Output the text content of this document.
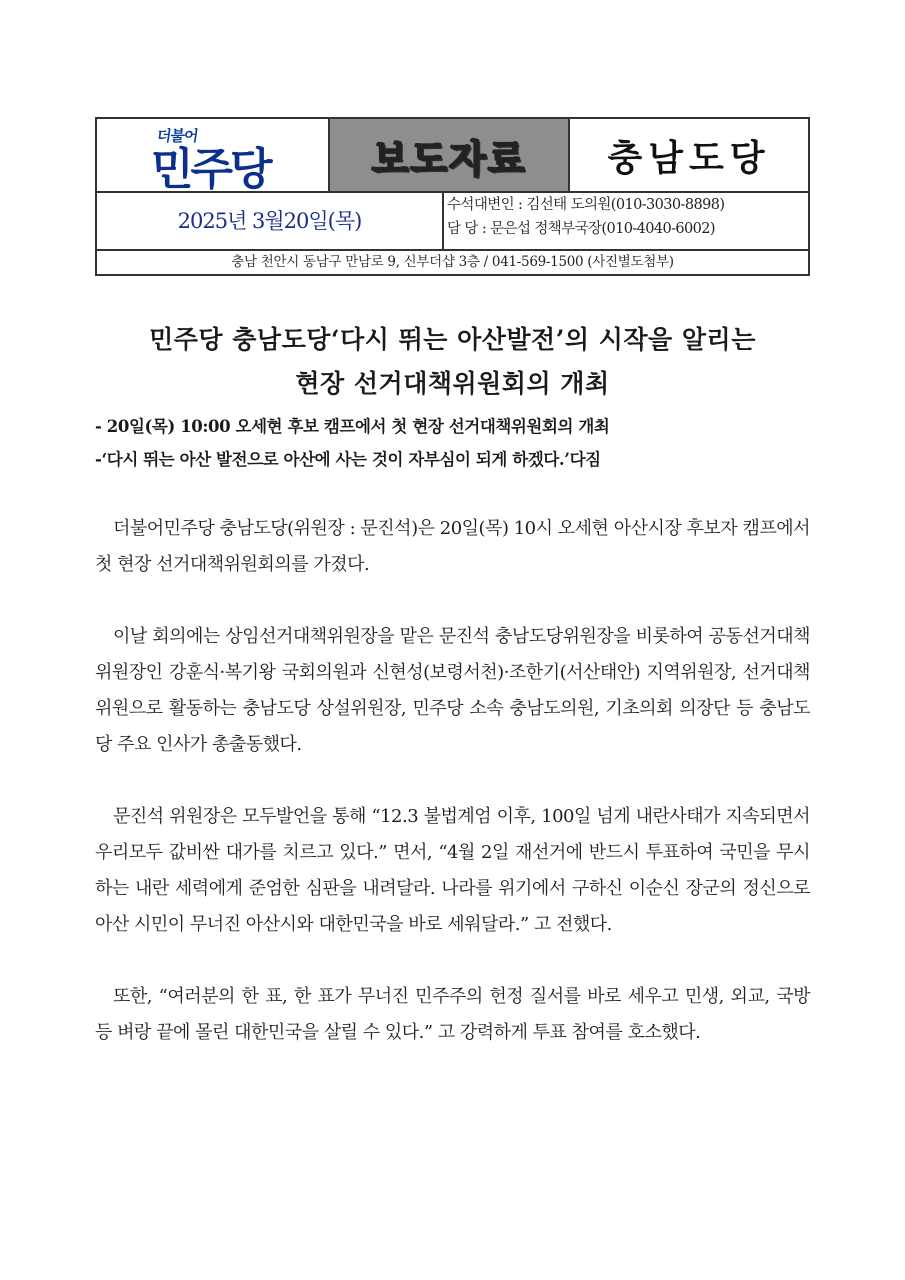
더불어
민주당	보도자료 충남도당
2025년 3월20일(목)
수석대변인 : 김선태 도의원(010-3030-8898)
담 당 : 문은섭 정책부국장(010-4040-6002)
충남 천안시 동남구 만남로 9, 신부더샵 3층 / 041-569-1500 (사진별도첨부)
민주당 충남도당‘다시 뛰는 아산발전’의 시작을 알리는
현장 선거대책위원회의 개최
- 20일(목) 10:00 오세현 후보 캠프에서 첫 현장 선거대책위원회의 개최
-‘다시 뛰는 아산 발전으로 아산에 사는 것이 자부심이 되게 하겠다.’다짐

더불어민주당 충남도당(위원장 : 문진석)은 20일(목) 10시 오세현 아산시장 후보자 캠프에서 첫 현장 선거대책위원회의를 가졌다.

이날 회의에는 상임선거대책위원장을 맡은 문진석 충남도당위원장을 비롯하여 공동선거대책위원장인 강훈식·복기왕 국회의원과 신현성(보령서천)·조한기(서산태안) 지역위원장, 선거대책위원으로 활동하는 충남도당 상설위원장, 민주당 소속 충남도의원, 기초의회 의장단 등 충남도당 주요 인사가 총출동했다.

문진석 위원장은 모두발언을 통해 “12.3 불법계엄 이후, 100일 넘게 내란사태가 지속되면서 우리모두 값비싼 대가를 치르고 있다.” 면서, “4월 2일 재선거에 반드시 투표하여 국민을 무시하는 내란 세력에게 준엄한 심판을 내려달라. 나라를 위기에서 구하신 이순신 장군의 정신으로 아산 시민이 무너진 아산시와 대한민국을 바로 세워달라.” 고 전했다.

또한, “여러분의 한 표, 한 표가 무너진 민주주의 헌정 질서를 바로 세우고 민생, 외교, 국방 등 벼랑 끝에 몰린 대한민국을 살릴 수 있다.” 고 강력하게 투표 참여를 호소했다.
